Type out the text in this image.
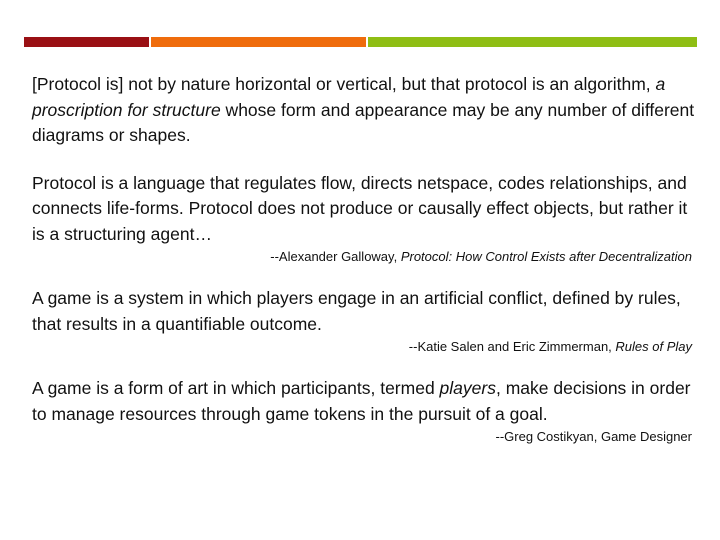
[Protocol is] not by nature horizontal or vertical, but that protocol is an algorithm, a proscription for structure whose form and appearance may be any number of different diagrams or shapes.

Protocol is a language that regulates flow, directs netspace, codes relationships, and connects life-forms. Protocol does not produce or causally effect objects, but rather it is a structuring agent…

--Alexander Galloway, Protocol: How Control Exists after Decentralization

A game is a system in which players engage in an artificial conflict, defined by rules, that results in a quantifiable outcome.

--Katie Salen and Eric Zimmerman, Rules of Play

A game is a form of art in which participants, termed players, make decisions in order to manage resources through game tokens in the pursuit of a goal.

--Greg Costikyan, Game Designer
